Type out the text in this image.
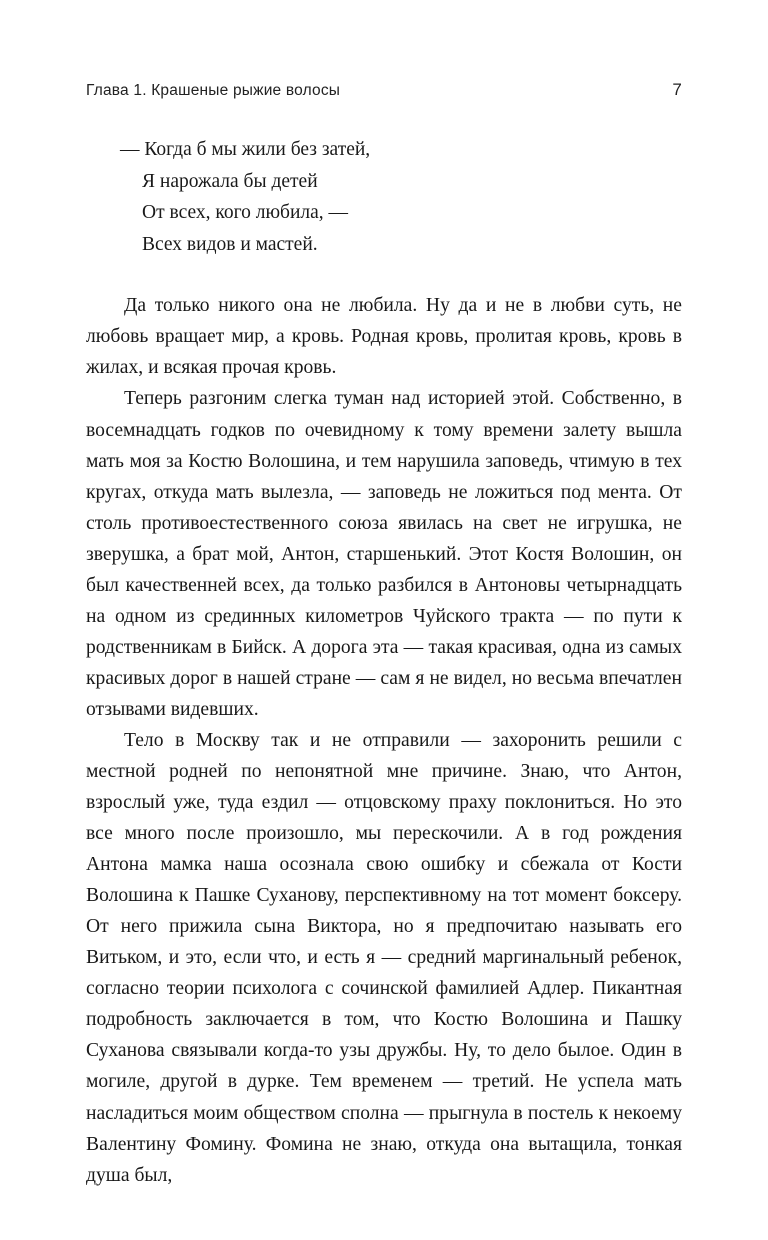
Глава 1. Крашеные рыжие волосы	7
— Когда б мы жили без затей,
Я нарожала бы детей
От всех, кого любила, —
Всех видов и мастей.

Да только никого она не любила. Ну да и не в любви суть, не любовь вращает мир, а кровь. Родная кровь, пролитая кровь, кровь в жилах, и всякая прочая кровь.

Теперь разгоним слегка туман над историей этой. Собственно, в восемнадцать годков по очевидному к тому времени залету вышла мать моя за Костю Волошина, и тем нарушила заповедь, чтимую в тех кругах, откуда мать вылезла, — заповедь не ложиться под мента. От столь противоестественного союза явилась на свет не игрушка, не зверушка, а брат мой, Антон, старшенький. Этот Костя Волошин, он был качественней всех, да только разбился в Антоновы четырнадцать на одном из срединных километров Чуйского тракта — по пути к родственникам в Бийск. А дорога эта — такая красивая, одна из самых красивых дорог в нашей стране — сам я не видел, но весьма впечатлен отзывами видевших.

Тело в Москву так и не отправили — захоронить решили с местной родней по непонятной мне причине. Знаю, что Антон, взрослый уже, туда ездил — отцовскому праху поклониться. Но это все много после произошло, мы перескочили. А в год рождения Антона мамка наша осознала свою ошибку и сбежала от Кости Волошина к Пашке Суханову, перспективному на тот момент боксеру. От него прижила сына Виктора, но я предпочитаю называть его Витьком, и это, если что, и есть я — средний маргинальный ребенок, согласно теории психолога с сочинской фамилией Адлер. Пикантная подробность заключается в том, что Костю Волошина и Пашку Суханова связывали когда-то узы дружбы. Ну, то дело былое. Один в могиле, другой в дурке. Тем временем — третий. Не успела мать насладиться моим обществом сполна — прыгнула в постель к некоему Валентину Фомину. Фомина не знаю, откуда она вытащила, тонкая душа был,
